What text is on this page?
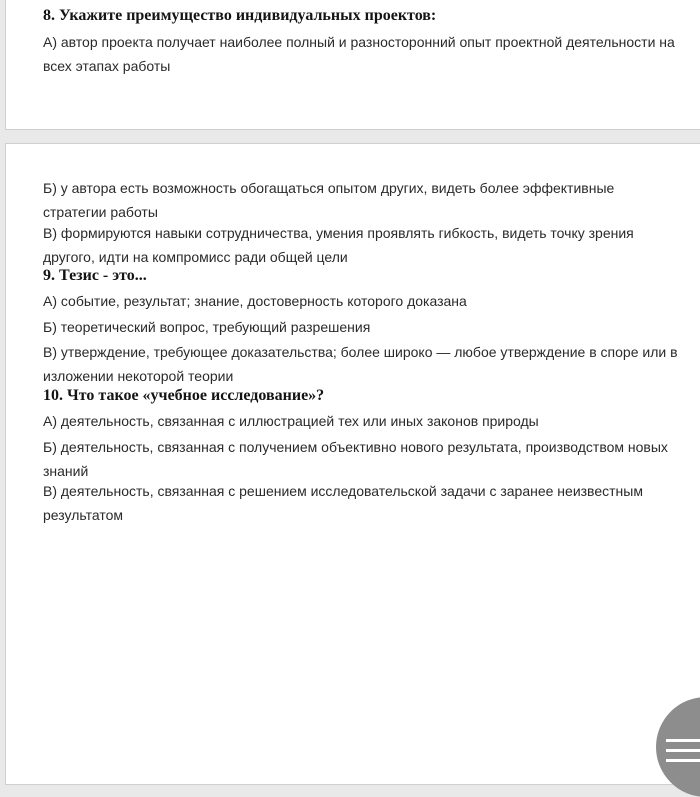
8. Укажите преимущество индивидуальных проектов:
А) автор проекта получает наиболее полный и разносторонний опыт проектной деятельности на всех этапах работы
Б) у автора есть возможность обогащаться опытом других, видеть более эффективные стратегии работы
В) формируются навыки сотрудничества, умения проявлять гибкость, видеть точку зрения другого, идти на компромисс ради общей цели
9. Тезис - это...
А) событие, результат; знание, достоверность которого доказана
Б) теоретический вопрос, требующий разрешения
В) утверждение, требующее доказательства; более широко — любое утверждение в споре или в изложении некоторой теории
10. Что такое «учебное исследование»?
А) деятельность, связанная с иллюстрацией тех или иных законов природы
Б) деятельность, связанная с получением объективно нового результата, производством новых знаний
В) деятельность, связанная с решением исследовательской задачи с заранее неизвестным результатом
